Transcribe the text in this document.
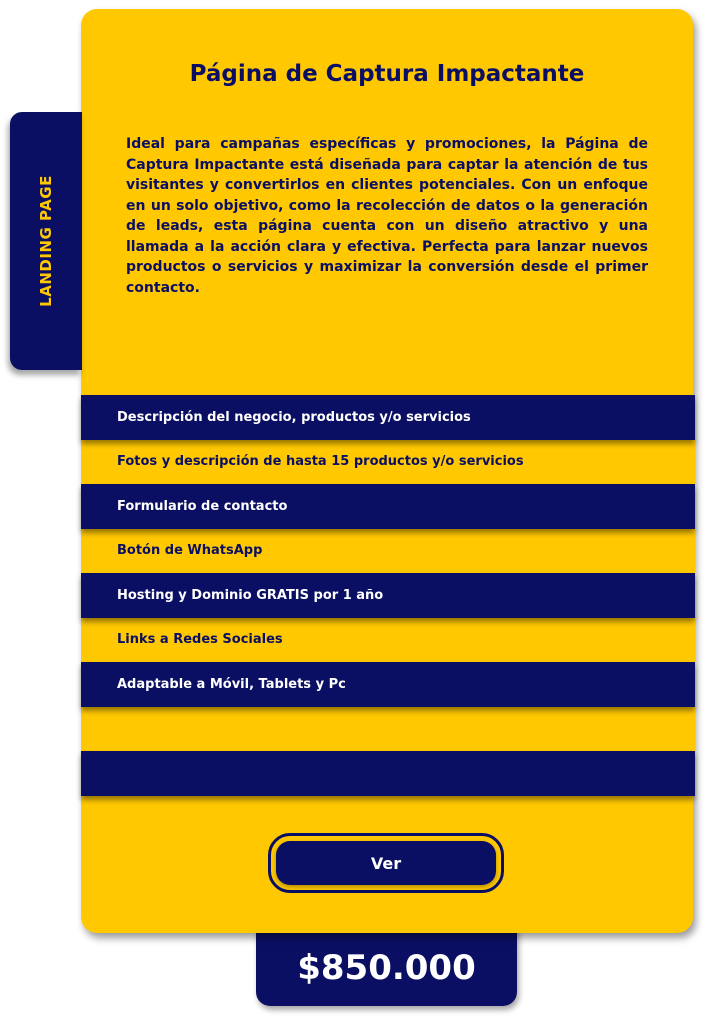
$850.000
Página de Captura Impactante

Ideal para campañas específicas y promociones, la Página de Captura Impactante está diseñada para captar la atención de tus visitantes y convertirlos en clientes potenciales. Con un enfoque en un solo objetivo, como la recolección de datos o la generación de leads, esta página cuenta con un diseño atractivo y una llamada a la acción clara y efectiva. Perfecta para lanzar nuevos productos o servicios y maximizar la conversión desde el primer contacto.

Descripción del negocio, productos y/o servicios
Fotos y descripción de hasta 15 productos y/o servicios
Formulario de contacto
Botón de WhatsApp
Hosting y Dominio GRATIS por 1 año
Links a Redes Sociales
Adaptable a Móvil, Tablets y Pc
Ver
LANDING PAGE
